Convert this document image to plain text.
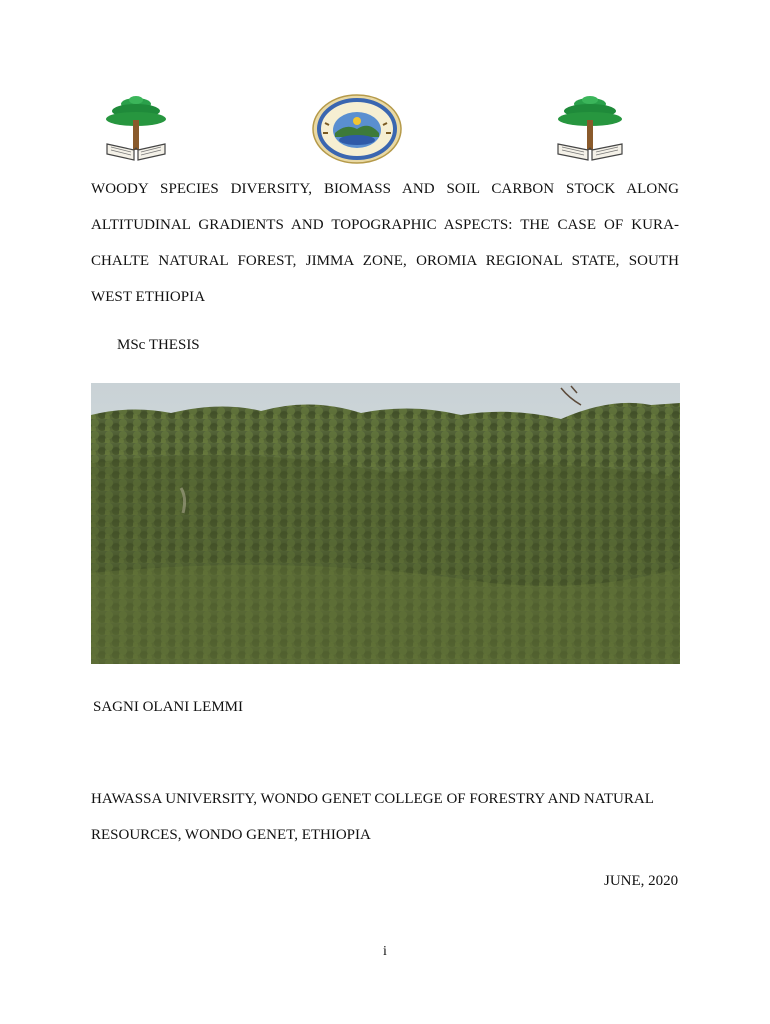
WOODY SPECIES DIVERSITY, BIOMASS AND SOIL CARBON STOCK ALONG
ALTITUDINAL GRADIENTS AND TOPOGRAPHIC ASPECTS: THE CASE OF KURA-
CHALTE NATURAL FOREST, JIMMA ZONE, OROMIA REGIONAL STATE, SOUTH
WEST ETHIOPIA
MSc THESIS
SAGNI OLANI LEMMI
HAWASSA UNIVERSITY, WONDO GENET COLLEGE OF FORESTRY AND NATURAL
RESOURCES, WONDO GENET, ETHIOPIA
JUNE, 2020
i
